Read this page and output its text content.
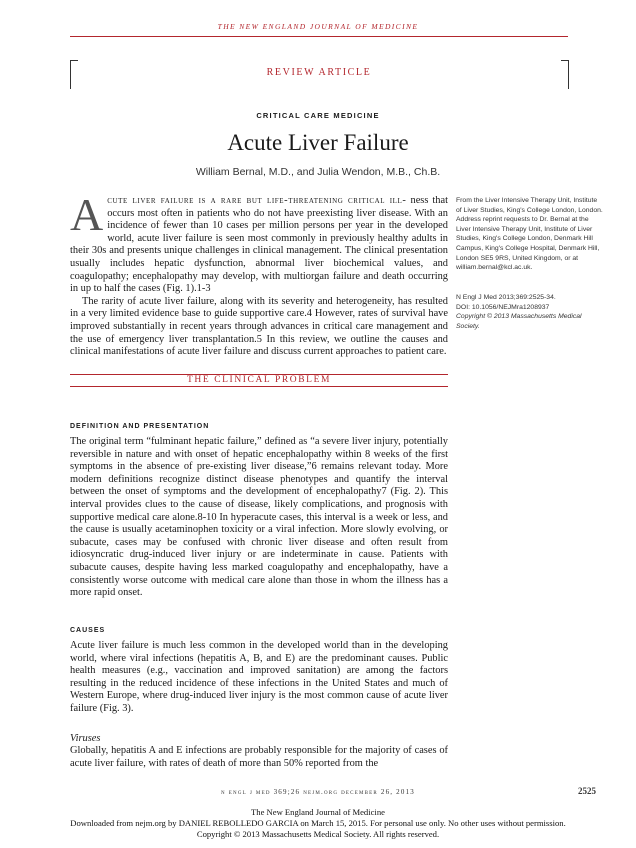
THE NEW ENGLAND JOURNAL OF MEDICINE
REVIEW ARTICLE
CRITICAL CARE MEDICINE
Acute Liver Failure
William Bernal, M.D., and Julia Wendon, M.B., Ch.B.

Acute liver failure is a rare but life-threatening critical ill- ness that occurs most often in patients who do not have preexisting liver disease. With an incidence of fewer than 10 cases per million persons per year in the developed world, acute liver failure is seen most commonly in previously healthy adults in their 30s and presents unique challenges in clinical management. The clinical presentation usually includes hepatic dysfunction, abnormal liver biochemical values, and coagulopathy; encephalopathy may develop, with multiorgan failure and death occurring in up to half the cases (Fig. 1).1-3

The rarity of acute liver failure, along with its severity and heterogeneity, has resulted in a very limited evidence base to guide supportive care.4 However, rates of survival have improved substantially in recent years through advances in critical care management and the use of emergency liver transplantation.5 In this review, we outline the causes and clinical manifestations of acute liver failure and discuss current approaches to patient care.

From the Liver Intensive Therapy Unit, Institute of Liver Studies, King's College London, London. Address reprint requests to Dr. Bernal at the Liver Intensive Therapy Unit, Institute of Liver Studies, King's College London, Denmark Hill Campus, King's College Hospital, Denmark Hill, London SE5 9RS, United Kingdom, or at william.bernal@kcl.ac.uk.
N Engl J Med 2013;369:2525-34.
DOI: 10.1056/NEJMra1208937
Copyright © 2013 Massachusetts Medical Society.
THE CLINICAL PROBLEM
DEFINITION AND PRESENTATION

The original term “fulminant hepatic failure,” defined as “a severe liver injury, potentially reversible in nature and with onset of hepatic encephalopathy within 8 weeks of the first symptoms in the absence of pre-existing liver disease,”6 remains relevant today. More modern definitions recognize distinct disease phenotypes and quantify the interval between the onset of symptoms and the development of encephalopathy7 (Fig. 2). This interval provides clues to the cause of disease, likely complications, and prognosis with supportive medical care alone.8-10 In hyperacute cases, this interval is a week or less, and the cause is usually acetaminophen toxicity or a viral infection. More slowly evolving, or subacute, cases may be confused with chronic liver disease and often result from idiosyncratic drug-induced liver injury or are indeterminate in cause. Patients with subacute causes, despite having less marked coagulopathy and encephalopathy, have a consistently worse outcome with medical care alone than those in whom the illness has a more rapid onset.

CAUSES

Acute liver failure is much less common in the developed world than in the developing world, where viral infections (hepatitis A, B, and E) are the predominant causes. Public health measures (e.g., vaccination and improved sanitation) are among the factors resulting in the reduced incidence of these infections in the United States and much of Western Europe, where drug-induced liver injury is the most common cause of acute liver failure (Fig. 3).

Viruses

Globally, hepatitis A and E infections are probably responsible for the majority of cases of acute liver failure, with rates of death of more than 50% reported from the

n engl j med 369;26 nejm.org december 26, 2013	2525
The New England Journal of Medicine
Downloaded from nejm.org by DANIEL REBOLLEDO GARCIA on March 15, 2015. For personal use only. No other uses without permission.
Copyright © 2013 Massachusetts Medical Society. All rights reserved.
